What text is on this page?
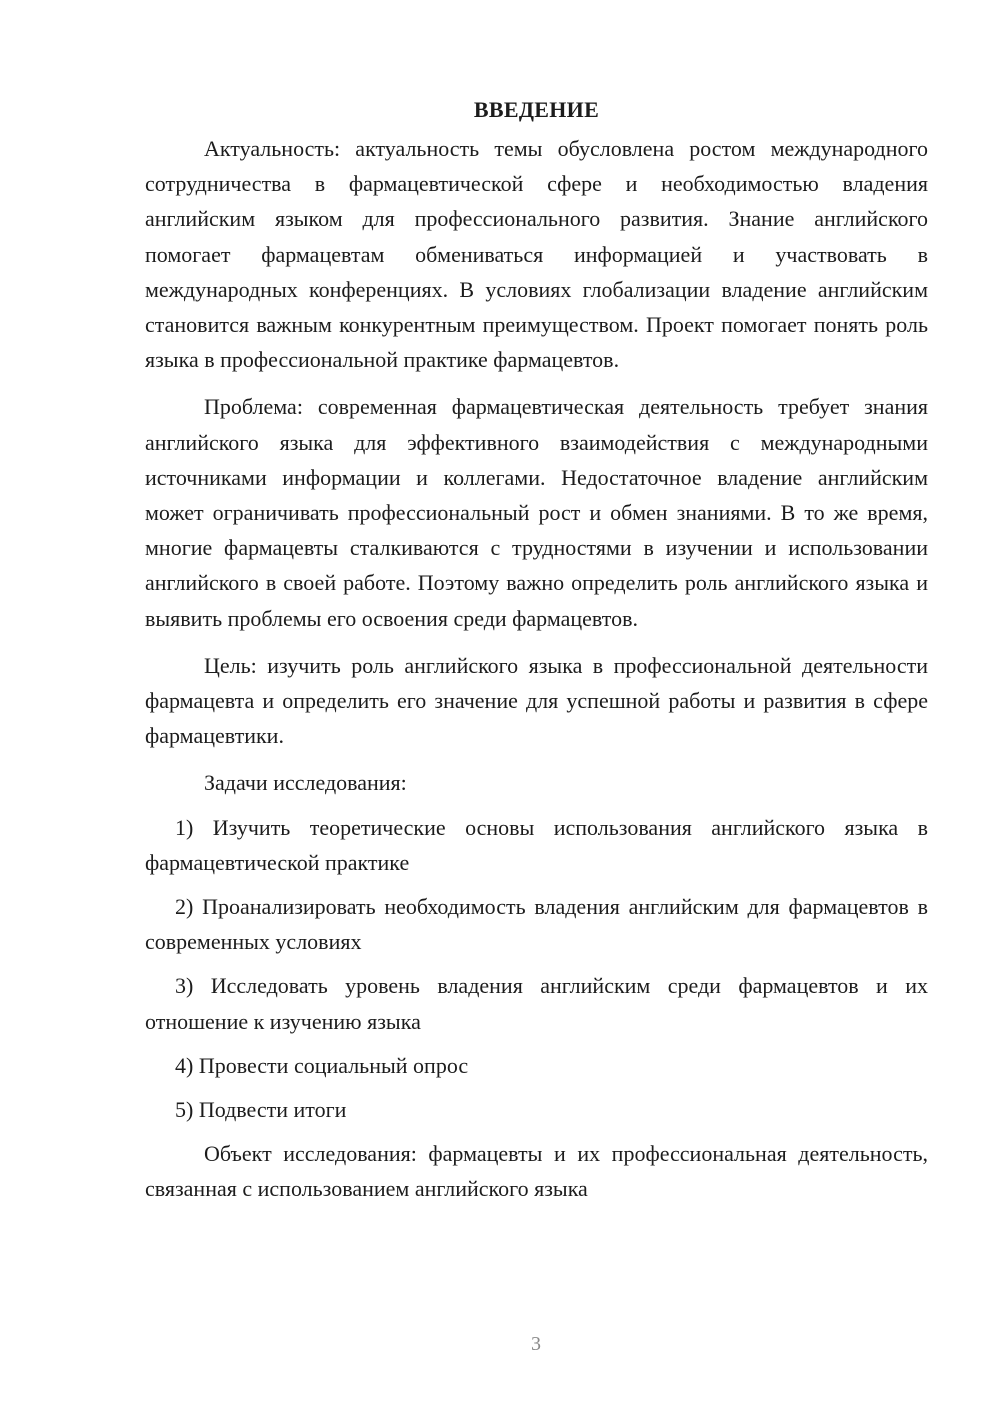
ВВЕДЕНИЕ

Актуальность: актуальность темы обусловлена ростом международного сотрудничества в фармацевтической сфере и необходимостью владения английским языком для профессионального развития. Знание английского помогает фармацевтам обмениваться информацией и участвовать в международных конференциях. В условиях глобализации владение английским становится важным конкурентным преимуществом. Проект помогает понять роль языка в профессиональной практике фармацевтов.

Проблема: современная фармацевтическая деятельность требует знания английского языка для эффективного взаимодействия с международными источниками информации и коллегами. Недостаточное владение английским может ограничивать профессиональный рост и обмен знаниями. В то же время, многие фармацевты сталкиваются с трудностями в изучении и использовании английского в своей работе. Поэтому важно определить роль английского языка и выявить проблемы его освоения среди фармацевтов.

Цель: изучить роль английского языка в профессиональной деятельности фармацевта и определить его значение для успешной работы и развития в сфере фармацевтики.

Задачи исследования:

1) Изучить теоретические основы использования английского языка в фармацевтической практике

2) Проанализировать необходимость владения английским для фармацевтов в современных условиях

3) Исследовать уровень владения английским среди фармацевтов и их отношение к изучению языка

4) Провести социальный опрос

5) Подвести итоги

Объект исследования: фармацевты и их профессиональная деятельность, связанная с использованием английского языка

3
